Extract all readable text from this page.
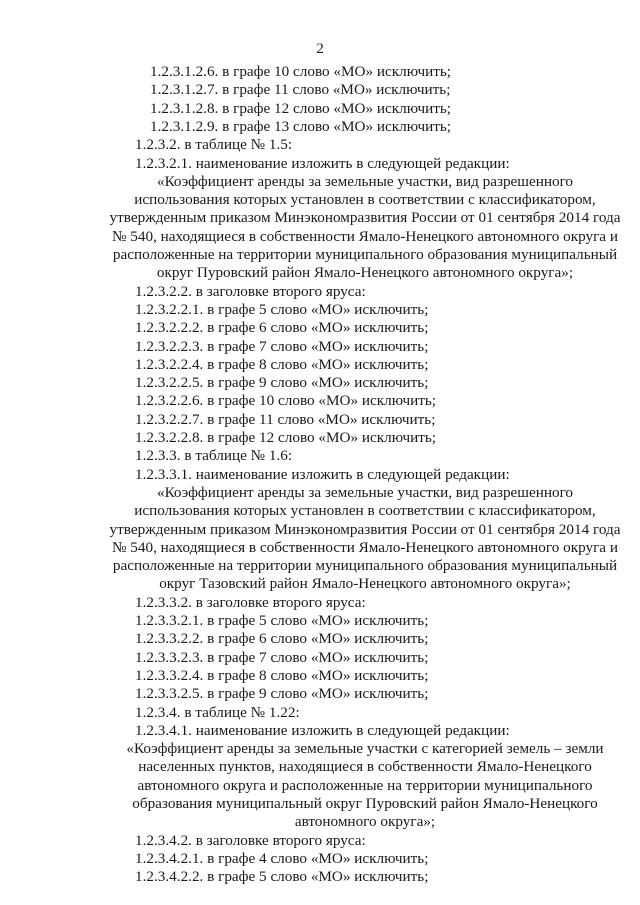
2
1.2.3.1.2.6. в графе 10 слово «МО» исключить;
1.2.3.1.2.7. в графе 11 слово «МО» исключить;
1.2.3.1.2.8. в графе 12 слово «МО» исключить;
1.2.3.1.2.9. в графе 13 слово «МО» исключить;
1.2.3.2. в таблице № 1.5:
1.2.3.2.1. наименование изложить в следующей редакции:
«Коэффициент аренды за земельные участки, вид разрешенного
использования которых установлен в соответствии с классификатором,
утвержденным приказом Минэкономразвития России от 01 сентября 2014 года
№ 540, находящиеся в собственности Ямало-Ненецкого автономного округа и
расположенные на территории муниципального образования муниципальный
округ Пуровский район Ямало-Ненецкого автономного округа»;
1.2.3.2.2. в заголовке второго яруса:
1.2.3.2.2.1. в графе 5 слово «МО» исключить;
1.2.3.2.2.2. в графе 6 слово «МО» исключить;
1.2.3.2.2.3. в графе 7 слово «МО» исключить;
1.2.3.2.2.4. в графе 8 слово «МО» исключить;
1.2.3.2.2.5. в графе 9 слово «МО» исключить;
1.2.3.2.2.6. в графе 10 слово «МО» исключить;
1.2.3.2.2.7. в графе 11 слово «МО» исключить;
1.2.3.2.2.8. в графе 12 слово «МО» исключить;
1.2.3.3. в таблице № 1.6:
1.2.3.3.1. наименование изложить в следующей редакции:
«Коэффициент аренды за земельные участки, вид разрешенного
использования которых установлен в соответствии с классификатором,
утвержденным приказом Минэкономразвития России от 01 сентября 2014 года
№ 540, находящиеся в собственности Ямало-Ненецкого автономного округа и
расположенные на территории муниципального образования муниципальный
округ Тазовский район Ямало-Ненецкого автономного округа»;
1.2.3.3.2. в заголовке второго яруса:
1.2.3.3.2.1. в графе 5 слово «МО» исключить;
1.2.3.3.2.2. в графе 6 слово «МО» исключить;
1.2.3.3.2.3. в графе 7 слово «МО» исключить;
1.2.3.3.2.4. в графе 8 слово «МО» исключить;
1.2.3.3.2.5. в графе 9 слово «МО» исключить;
1.2.3.4. в таблице № 1.22:
1.2.3.4.1. наименование изложить в следующей редакции:
«Коэффициент аренды за земельные участки с категорией земель – земли
населенных пунктов, находящиеся в собственности Ямало-Ненецкого
автономного округа и расположенные на территории муниципального
образования муниципальный округ Пуровский район Ямало-Ненецкого
автономного округа»;
1.2.3.4.2. в заголовке второго яруса:
1.2.3.4.2.1. в графе 4 слово «МО» исключить;
1.2.3.4.2.2. в графе 5 слово «МО» исключить;
